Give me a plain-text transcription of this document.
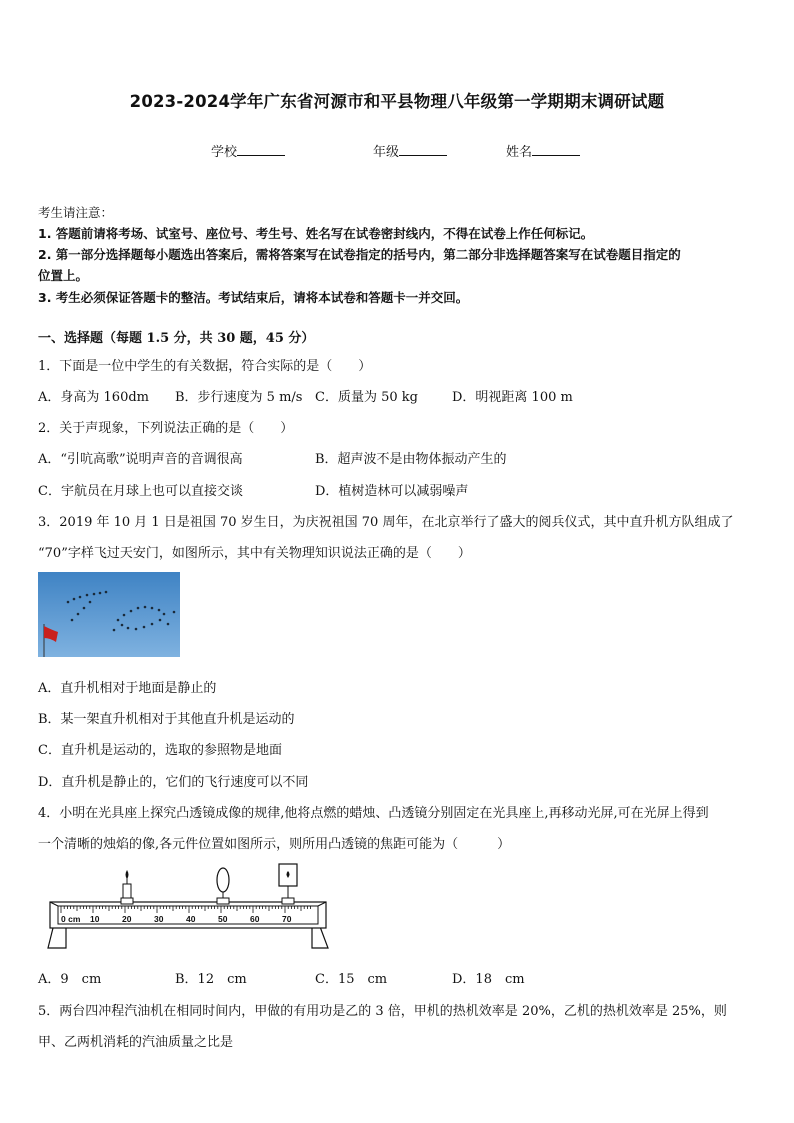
2023-2024学年广东省河源市和平县物理八年级第一学期期末调研试题
学校	年级	姓名
考生请注意：
1. 答题前请将考场、试室号、座位号、考生号、姓名写在试卷密封线内，不得在试卷上作任何标记。
2. 第一部分选择题每小题选出答案后，需将答案写在试卷指定的括号内，第二部分非选择题答案写在试卷题目指定的
位置上。
3. 考生必须保证答题卡的整洁。考试结束后，请将本试卷和答题卡一并交回。
一、选择题（每题 1.5 分，共 30 题，45 分）
1．下面是一位中学生的有关数据，符合实际的是（　　）
A．身高为 160dm B．步行速度为 5 m/s C．质量为 50 kg	D．明视距离 100 m
2．关于声现象，下列说法正确的是（　　）
A．“引吭高歌”说明声音的音调很高	B．超声波不是由物体振动产生的
C．宇航员在月球上也可以直接交谈	D．植树造林可以减弱噪声
3．2019 年 10 月 1 日是祖国 70 岁生日，为庆祝祖国 70 周年，在北京举行了盛大的阅兵仪式，其中直升机方队组成了
“70”字样飞过天安门，如图所示，其中有关物理知识说法正确的是（　　）
A．直升机相对于地面是静止的
B．某一架直升机相对于其他直升机是运动的
C．直升机是运动的，选取的参照物是地面
D．直升机是静止的，它们的飞行速度可以不同
4．小明在光具座上探究凸透镜成像的规律,他将点燃的蜡烛、凸透镜分别固定在光具座上,再移动光屏,可在光屏上得到
一个清晰的烛焰的像,各元件位置如图所示，则所用凸透镜的焦距可能为（　　　）
0 cm 10	20	30	40	50	60	70
A．9　cm	B．12　cm	C．15　cm	D．18　cm
5．两台四冲程汽油机在相同时间内，甲做的有用功是乙的 3 倍，甲机的热机效率是 20%，乙机的热机效率是 25%，则
甲、乙两机消耗的汽油质量之比是
